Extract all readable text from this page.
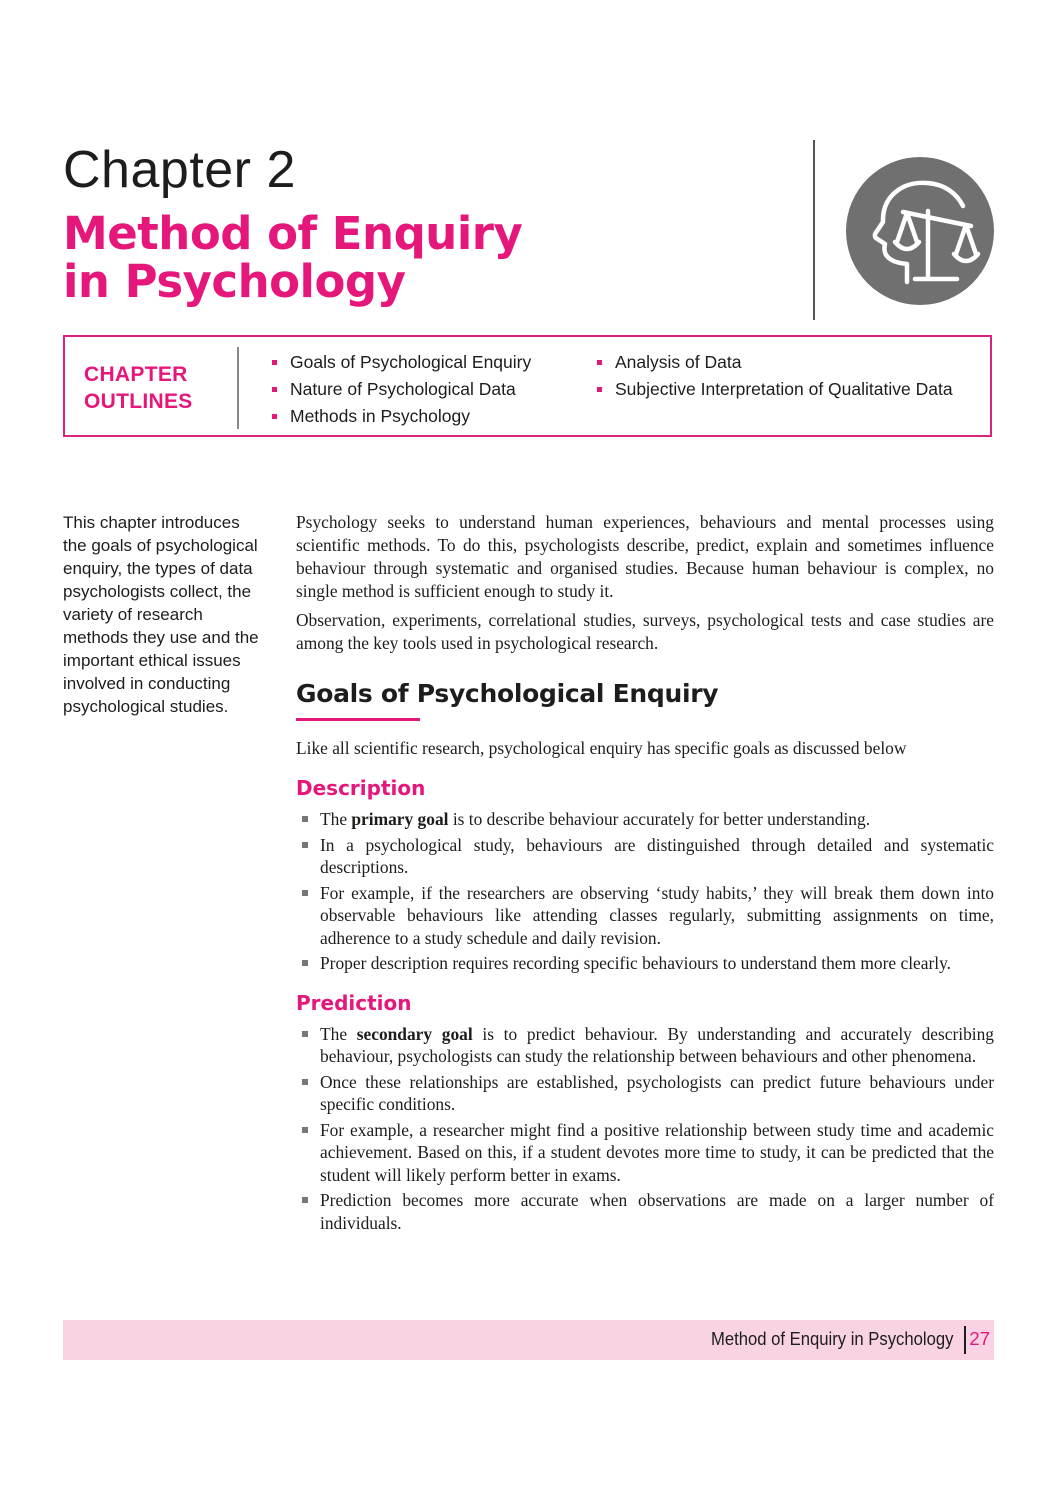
Chapter 2
Method of Enquiry
in Psychology
CHAPTER
OUTLINES
Goals of Psychological Enquiry
Nature of Psychological Data
Methods in Psychology
Analysis of Data
Subjective Interpretation of Qualitative Data

This chapter introduces the goals of psychological enquiry, the types of data psychologists collect, the variety of research methods they use and the important ethical issues involved in conducting psychological studies.

Psychology seeks to understand human experiences, behaviours and mental processes using scientific methods. To do this, psychologists describe, predict, explain and sometimes influence behaviour through systematic and organised studies. Because human behaviour is complex, no single method is sufficient enough to study it.

Observation, experiments, correlational studies, surveys, psychological tests and case studies are among the key tools used in psychological research.

Goals of Psychological Enquiry

Like all scientific research, psychological enquiry has specific goals as discussed below

Description
The primary goal is to describe behaviour accurately for better understanding.
In a psychological study, behaviours are distinguished through detailed and systematic descriptions.
For example, if the researchers are observing ‘study habits,’ they will break them down into observable behaviours like attending classes regularly, submitting assignments on time, adherence to a study schedule and daily revision.
Proper description requires recording specific behaviours to understand them more clearly.
Prediction
The secondary goal is to predict behaviour. By understanding and accurately describing behaviour, psychologists can study the relationship between behaviours and other phenomena.
Once these relationships are established, psychologists can predict future behaviours under specific conditions.
For example, a researcher might find a positive relationship between study time and academic achievement. Based on this, if a student devotes more time to study, it can be predicted that the student will likely perform better in exams.
Prediction becomes more accurate when observations are made on a larger number of individuals.
Method of Enquiry in Psychology 27
